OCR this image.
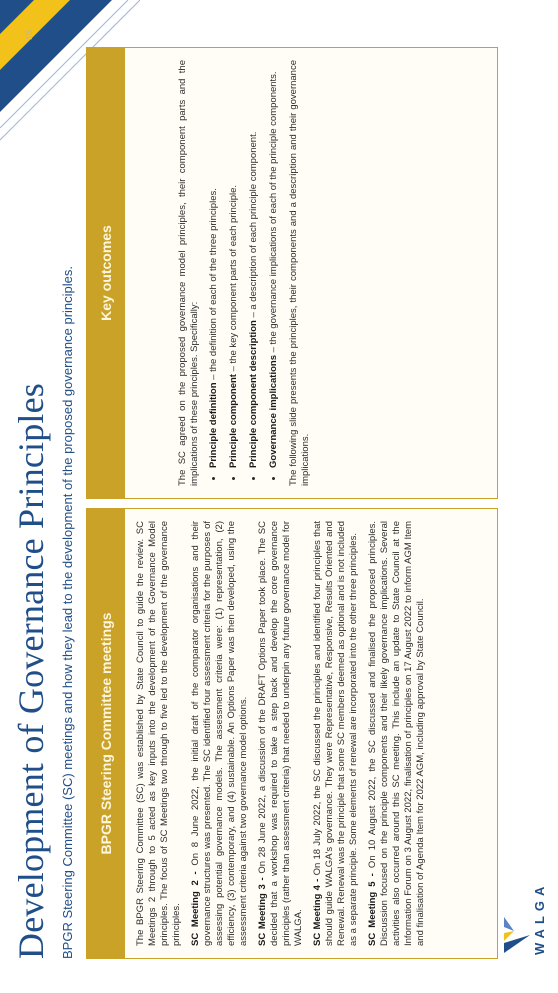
18
Development of Governance Principles BPGR Steering Committee (SC) meetings and how they lead to the development of the proposed governance principles.	BPGR Steering Committee meetings	The BPGR Steering Committee (SC) was established by State Council to guide the review. SC Meetings 2 through to 5 acted as key inputs into the development of the Governance Model principles. The focus of SC Meetings two through to five led to the development of the governance principles. SC Meeting 2 - On 8 June 2022, the initial draft of the comparator organisations and their governance structures was presented. The SC identified four assessment criteria for the purposes of assessing potential governance models. The assessment criteria were: (1) representation, (2) efficiency, (3) contemporary, and (4) sustainable. An Options Paper was then developed, using the assessment criteria against two governance model options. SC Meeting 3 - On 28 June 2022, a discussion of the DRAFT Options Paper took place. The SC decided that a workshop was required to take a step back and develop the core governance principles (rather than assessment criteria) that needed to underpin any future governance model for WALGA. SC Meeting 4 - On 18 July 2022, the SC discussed the principles and identified four principles that should guide WALGA's governance. They were Representative, Responsive, Results Oriented and Renewal. Renewal was the principle that some SC members deemed as optional and is not included as a separate principle. Some elements of renewal are incorporated into the other three principles. SC Meeting 5 - On 10 August 2022, the SC discussed and finalised the proposed principles. Discussion focused on the principle components and their likely governance implications. Several activities also occurred around this SC meeting. This include an update to State Council at the Information Forum on 3 August 2022, finalisation of principles on 17 August 2022 to inform AGM Item and finalisation of Agenda Item for 2022 AGM, including approval by State Council.

Key outcomes	The SC agreed on the proposed governance model principles, their component parts and the implications of these principles. Specifically:

• Principle definition – the definition of each of the three principles.
• Principle component – the key component parts of each principle.
• Principle component description – a description of each principle component.
• Governance implications – the governance implications of each of the principle components. The following slide presents the principles, their components and a description and their governance implications.

WALGA
